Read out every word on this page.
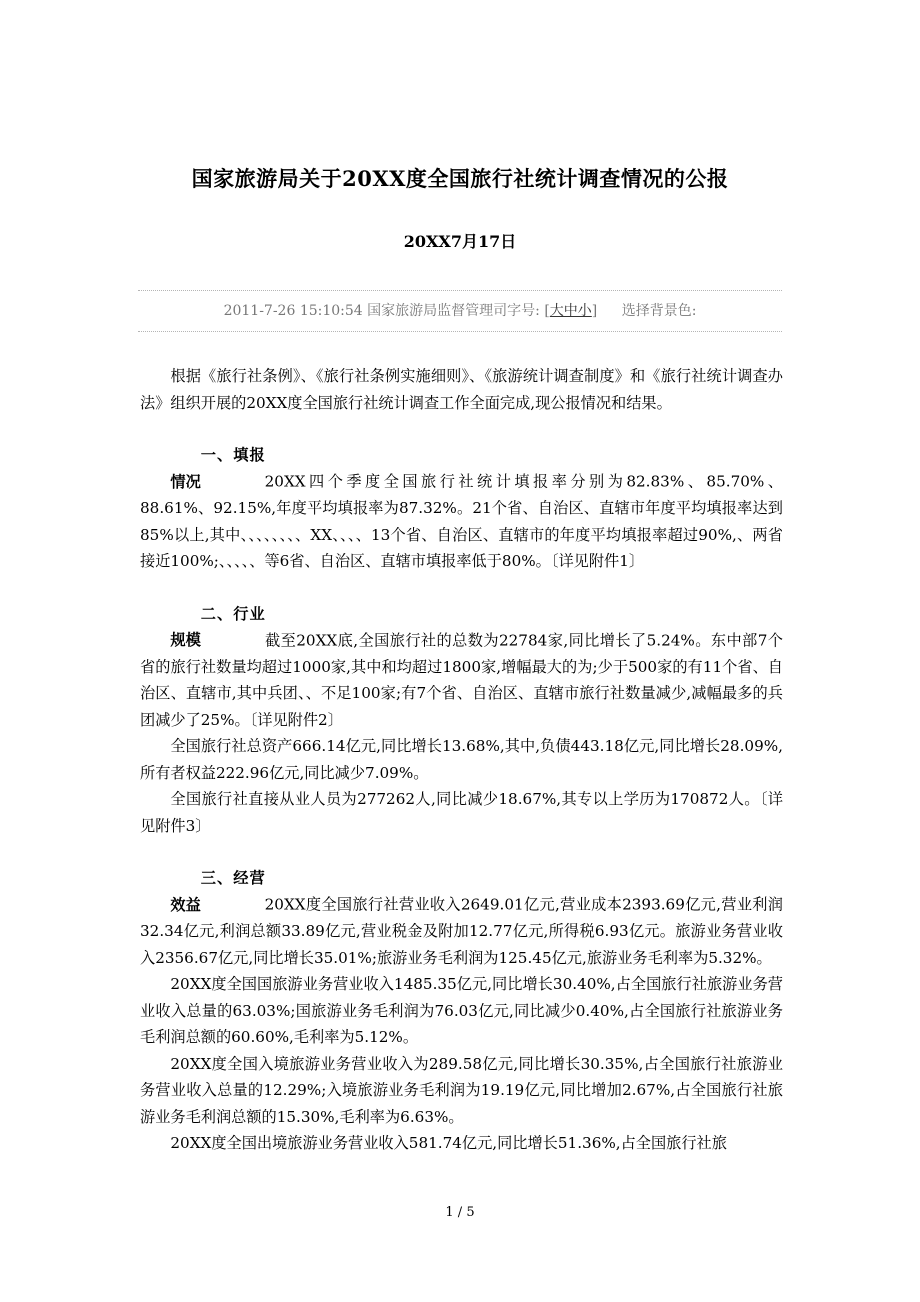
国家旅游局关于20XX度全国旅行社统计调查情况的公报
20XX7月17日
2011-7-26 15:10:54 国家旅游局监督管理司字号: [大中小] 选择背景色:

根据《旅行社条例》、《旅行社条例实施细则》、《旅游统计调查制度》和《旅行社统计调查办法》组织开展的20XX度全国旅行社统计调查工作全面完成,现公报情况和结果。

一、填报情况	20XX四个季度全国旅行社统计填报率分别为82.83%、85.70%、88.61%、92.15%,年度平均填报率为87.32%。21个省、自治区、直辖市年度平均填报率达到85%以上,其中、、、、、、、、XX、、、、13个省、自治区、直辖市的年度平均填报率超过90%,、两省接近100%;、、、、、等6省、自治区、直辖市填报率低于80%。〔详见附件1〕

二、行业规模	截至20XX底,全国旅行社的总数为22784家,同比增长了5.24%。东中部7个省的旅行社数量均超过1000家,其中和均超过1800家,增幅最大的为;少于500家的有11个省、自治区、直辖市,其中兵团、、不足100家;有7个省、自治区、直辖市旅行社数量减少,减幅最多的兵团减少了25%。〔详见附件2〕

全国旅行社总资产666.14亿元,同比增长13.68%,其中,负债443.18亿元,同比增长28.09%,所有者权益222.96亿元,同比减少7.09%。

全国旅行社直接从业人员为277262人,同比减少18.67%,其专以上学历为170872人。〔详见附件3〕

三、经营效益	20XX度全国旅行社营业收入2649.01亿元,营业成本2393.69亿元,营业利润32.34亿元,利润总额33.89亿元,营业税金及附加12.77亿元,所得税6.93亿元。旅游业务营业收入2356.67亿元,同比增长35.01%;旅游业务毛利润为125.45亿元,旅游业务毛利率为5.32%。

20XX度全国国旅游业务营业收入1485.35亿元,同比增长30.40%,占全国旅行社旅游业务营业收入总量的63.03%;国旅游业务毛利润为76.03亿元,同比减少0.40%,占全国旅行社旅游业务毛利润总额的60.60%,毛利率为5.12%。

20XX度全国入境旅游业务营业收入为289.58亿元,同比增长30.35%,占全国旅行社旅游业务营业收入总量的12.29%;入境旅游业务毛利润为19.19亿元,同比增加2.67%,占全国旅行社旅游业务毛利润总额的15.30%,毛利率为6.63%。

20XX度全国出境旅游业务营业收入581.74亿元,同比增长51.36%,占全国旅行社旅

1 / 5
